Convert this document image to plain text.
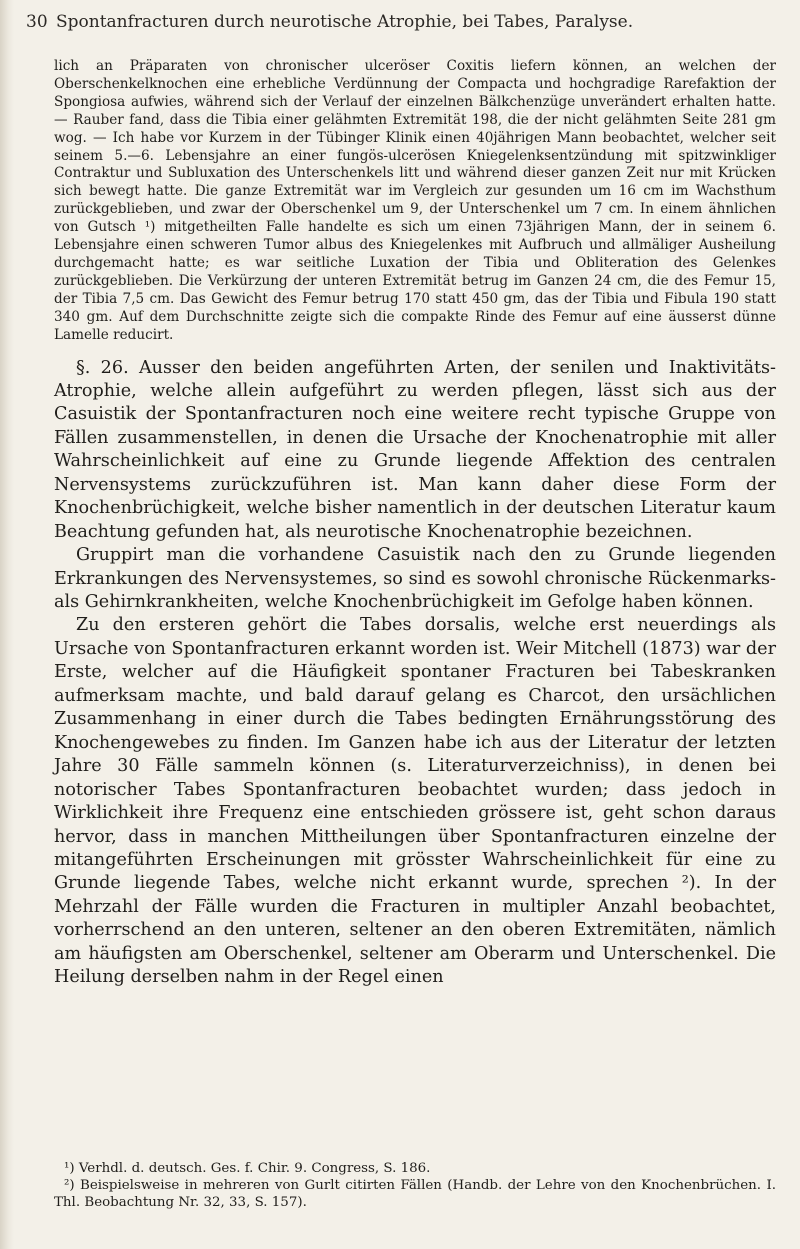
30 Spontanfracturen durch neurotische Atrophie, bei Tabes, Paralyse.

lich an Präparaten von chronischer ulceröser Coxitis liefern können, an welchen der Oberschenkelknochen eine erhebliche Verdünnung der Compacta und hochgradige Rarefaktion der Spongiosa aufwies, während sich der Verlauf der einzelnen Bälkchenzüge unverändert erhalten hatte. — Rauber fand, dass die Tibia einer gelähmten Extremität 198, die der nicht gelähmten Seite 281 gm wog. — Ich habe vor Kurzem in der Tübinger Klinik einen 40jährigen Mann beobachtet, welcher seit seinem 5.—6. Lebensjahre an einer fungös-ulcerösen Kniegelenksentzündung mit spitzwinkliger Contraktur und Subluxation des Unterschenkels litt und während dieser ganzen Zeit nur mit Krücken sich bewegt hatte. Die ganze Extremität war im Vergleich zur gesunden um 16 cm im Wachsthum zurückgeblieben, und zwar der Oberschenkel um 9, der Unterschenkel um 7 cm. In einem ähnlichen von Gutsch ¹) mitgetheilten Falle handelte es sich um einen 73jährigen Mann, der in seinem 6. Lebensjahre einen schweren Tumor albus des Kniegelenkes mit Aufbruch und allmäliger Ausheilung durchgemacht hatte; es war seitliche Luxation der Tibia und Obliteration des Gelenkes zurückgeblieben. Die Verkürzung der unteren Extremität betrug im Ganzen 24 cm, die des Femur 15, der Tibia 7,5 cm. Das Gewicht des Femur betrug 170 statt 450 gm, das der Tibia und Fibula 190 statt 340 gm. Auf dem Durchschnitte zeigte sich die compakte Rinde des Femur auf eine äusserst dünne Lamelle reducirt.

§. 26. Ausser den beiden angeführten Arten, der senilen und Inaktivitäts-Atrophie, welche allein aufgeführt zu werden pflegen, lässt sich aus der Casuistik der Spontanfracturen noch eine weitere recht typische Gruppe von Fällen zusammenstellen, in denen die Ursache der Knochenatrophie mit aller Wahrscheinlichkeit auf eine zu Grunde liegende Affektion des centralen Nervensystems zurückzuführen ist. Man kann daher diese Form der Knochenbrüchigkeit, welche bisher namentlich in der deutschen Literatur kaum Beachtung gefunden hat, als neurotische Knochenatrophie bezeichnen.

Gruppirt man die vorhandene Casuistik nach den zu Grunde liegenden Erkrankungen des Nervensystemes, so sind es sowohl chronische Rückenmarks- als Gehirnkrankheiten, welche Knochenbrüchigkeit im Gefolge haben können.

Zu den ersteren gehört die Tabes dorsalis, welche erst neuerdings als Ursache von Spontanfracturen erkannt worden ist. Weir Mitchell (1873) war der Erste, welcher auf die Häufigkeit spontaner Fracturen bei Tabeskranken aufmerksam machte, und bald darauf gelang es Charcot, den ursächlichen Zusammenhang in einer durch die Tabes bedingten Ernährungsstörung des Knochengewebes zu finden. Im Ganzen habe ich aus der Literatur der letzten Jahre 30 Fälle sammeln können (s. Literaturverzeichniss), in denen bei notorischer Tabes Spontanfracturen beobachtet wurden; dass jedoch in Wirklichkeit ihre Frequenz eine entschieden grössere ist, geht schon daraus hervor, dass in manchen Mittheilungen über Spontanfracturen einzelne der mitangeführten Erscheinungen mit grösster Wahrscheinlichkeit für eine zu Grunde liegende Tabes, welche nicht erkannt wurde, sprechen ²). In der Mehrzahl der Fälle wurden die Fracturen in multipler Anzahl beobachtet, vorherrschend an den unteren, seltener an den oberen Extremitäten, nämlich am häufigsten am Oberschenkel, seltener am Oberarm und Unterschenkel. Die Heilung derselben nahm in der Regel einen

¹) Verhdl. d. deutsch. Ges. f. Chir. 9. Congress, S. 186.

²) Beispielsweise in mehreren von Gurlt citirten Fällen (Handb. der Lehre von den Knochenbrüchen. I. Thl. Beobachtung Nr. 32, 33, S. 157).
